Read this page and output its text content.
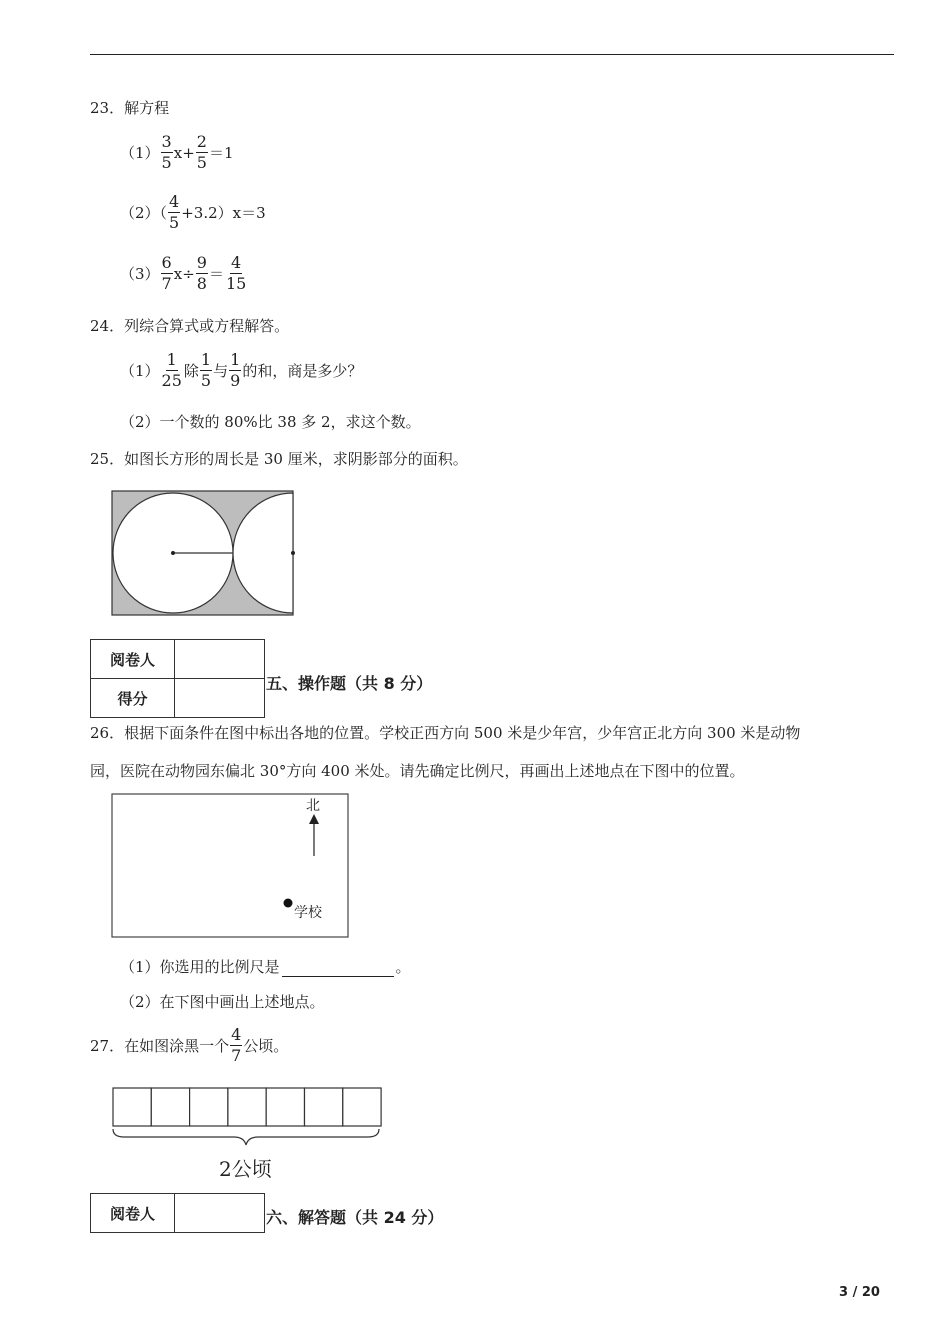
23．解方程
$(1) \frac{3}{5} x+ \frac{2}{5} =1$
$(2)( \frac{4}{5} +3.2)x=3$
$(3) \frac{6}{7} x\div \frac{9}{8} = \frac{4}{15}$
24．列综合算式或方程解答。
$(1) \frac{1}{25}$ 除 $\frac{1}{5}$ 与 $\frac{1}{9}$ 的和，商是多少？
（2）一个数的 80%比 38 多 2，求这个数。
25．如图长方形的周长是 30 厘米，求阴影部分的面积。
阅卷人	
得分	
五、操作题（共 8 分）
26．根据下面条件在图中标出各地的位置。学校正西方向 500 米是少年宫，少年宫正北方向 300 米是动物
园，医院在动物园东偏北 30°方向 400 米处。请先确定比例尺，再画出上述地点在下图中的位置。
北
学校
（1）你选用的比例尺是	。
（2）在下图中画出上述地点。
27．在如图涂黑一个 $\frac{4}{7}$ 公顷。
2公顷
阅卷人		六、解答题（共 24 分）
3 / 20
